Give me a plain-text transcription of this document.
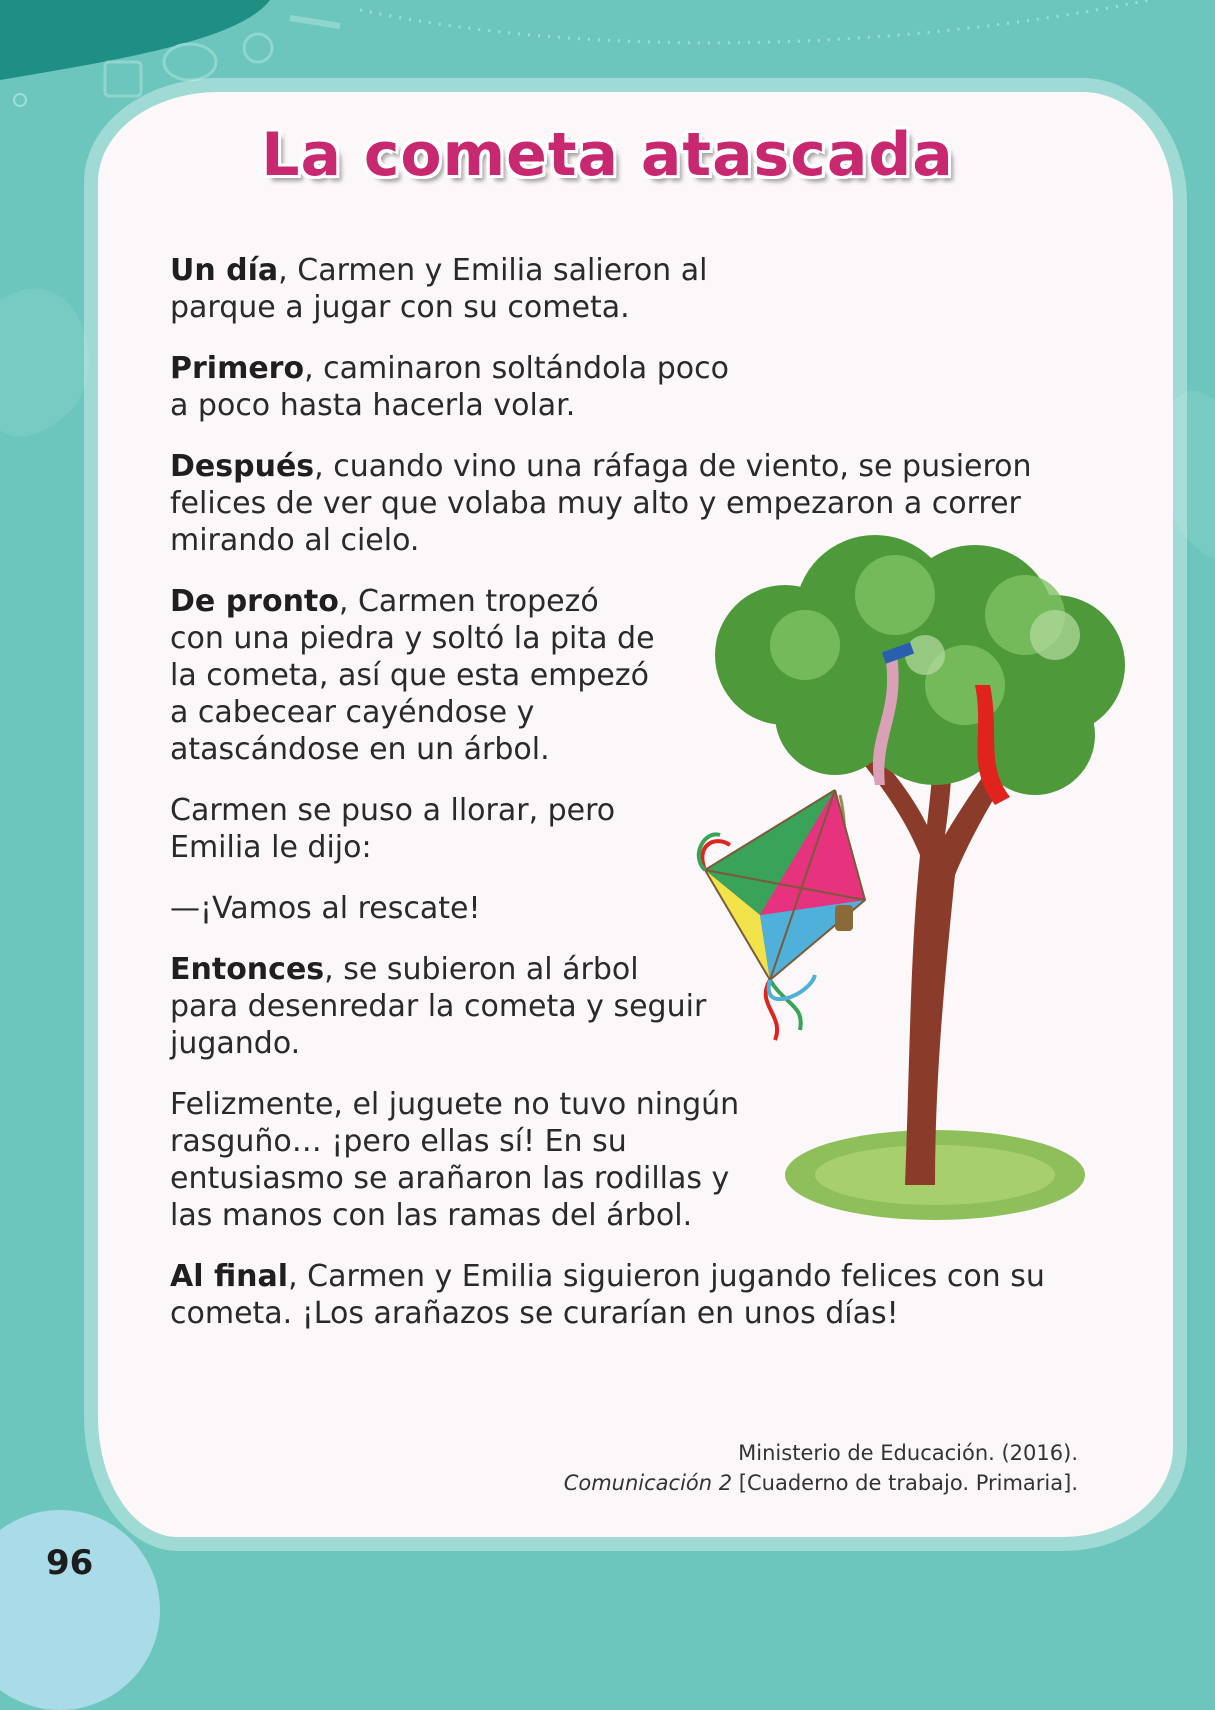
La cometa atascada

Un día, Carmen y Emilia salieron al parque a jugar con su cometa.

Primero, caminaron soltándola poco a poco hasta hacerla volar.

Después, cuando vino una ráfaga de viento, se pusieron felices de ver que volaba muy alto y empezaron a correr mirando al cielo.

De pronto, Carmen tropezó con una piedra y soltó la pita de la cometa, así que esta empezó a cabecear cayéndose y atascándose en un árbol.

Carmen se puso a llorar, pero Emilia le dijo:

—¡Vamos al rescate!

Entonces, se subieron al árbol para desenredar la cometa y seguir jugando.

Felizmente, el juguete no tuvo ningún rasguño… ¡pero ellas sí! En su entusiasmo se arañaron las rodillas y las manos con las ramas del árbol.

Al final, Carmen y Emilia siguieron jugando felices con su cometa. ¡Los arañazos se curarían en unos días!

Ministerio de Educación. (2016).
Comunicación 2 [Cuaderno de trabajo. Primaria].
96
